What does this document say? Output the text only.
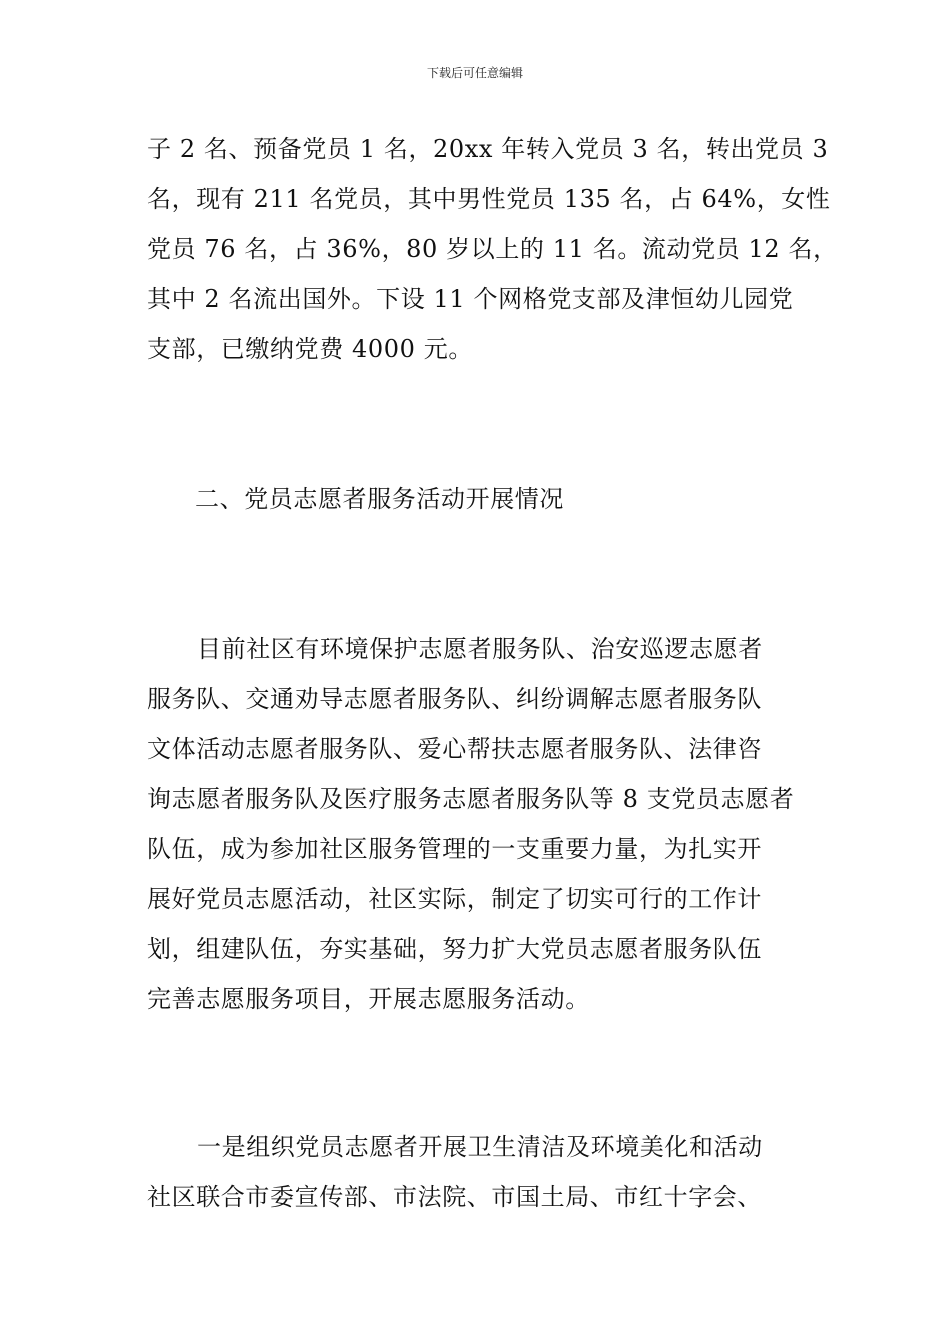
下载后可任意编辑
子 2 名、预备党员 1 名，20xx 年转入党员 3 名，转出党员 3
名，现有 211 名党员，其中男性党员 135 名，占 64%，女性
党员 76 名，占 36%，80 岁以上的 11 名。流动党员 12 名，
其中 2 名流出国外。下设 11 个网格党支部及津恒幼儿园党
支部，已缴纳党费 4000 元。
二、党员志愿者服务活动开展情况
目前社区有环境保护志愿者服务队、治安巡逻志愿者
服务队、交通劝导志愿者服务队、纠纷调解志愿者服务队
文体活动志愿者服务队、爱心帮扶志愿者服务队、法律咨
询志愿者服务队及医疗服务志愿者服务队等 8 支党员志愿者
队伍，成为参加社区服务管理的一支重要力量，为扎实开
展好党员志愿活动，社区实际，制定了切实可行的工作计
划，组建队伍，夯实基础，努力扩大党员志愿者服务队伍
完善志愿服务项目，开展志愿服务活动。
一是组织党员志愿者开展卫生清洁及环境美化和活动
社区联合市委宣传部、市法院、市国土局、市红十字会、
